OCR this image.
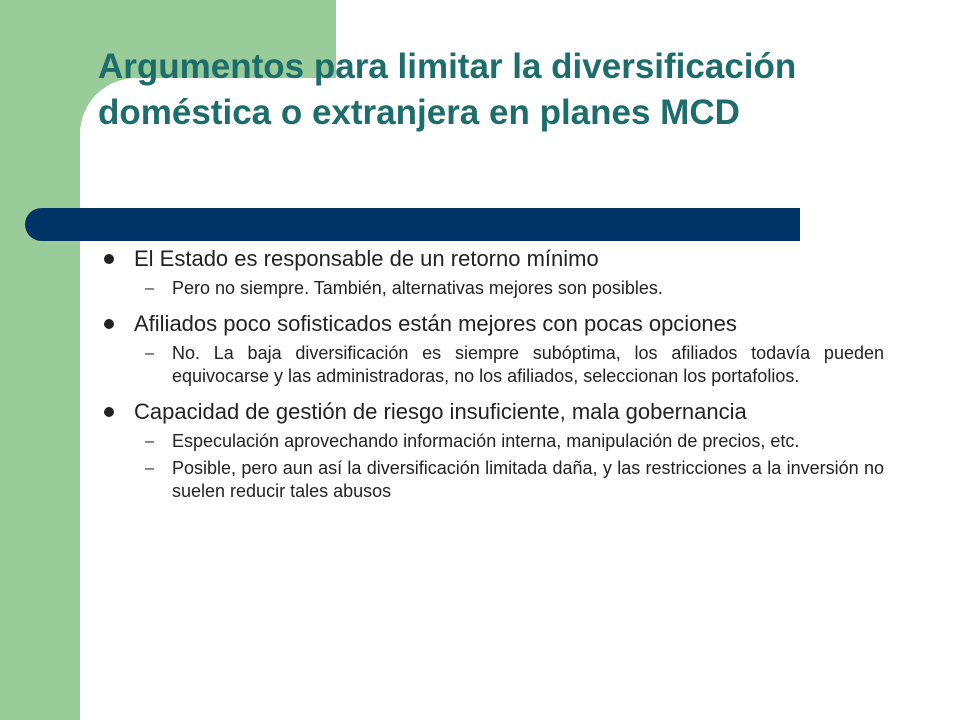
Argumentos para limitar la diversificación doméstica o extranjera en planes MCD
El Estado es responsable de un retorno mínimo
– Pero no siempre. También, alternativas mejores son posibles.
Afiliados poco sofisticados están mejores con pocas opciones
– No. La baja diversificación es siempre subóptima, los afiliados todavía pueden equivocarse y las administradoras, no los afiliados, seleccionan los portafolios.
Capacidad de gestión de riesgo insuficiente, mala gobernancia
– Especulación aprovechando información interna, manipulación de precios, etc.
– Posible, pero aun así la diversificación limitada daña, y las restricciones a la inversión no suelen reducir tales abusos
